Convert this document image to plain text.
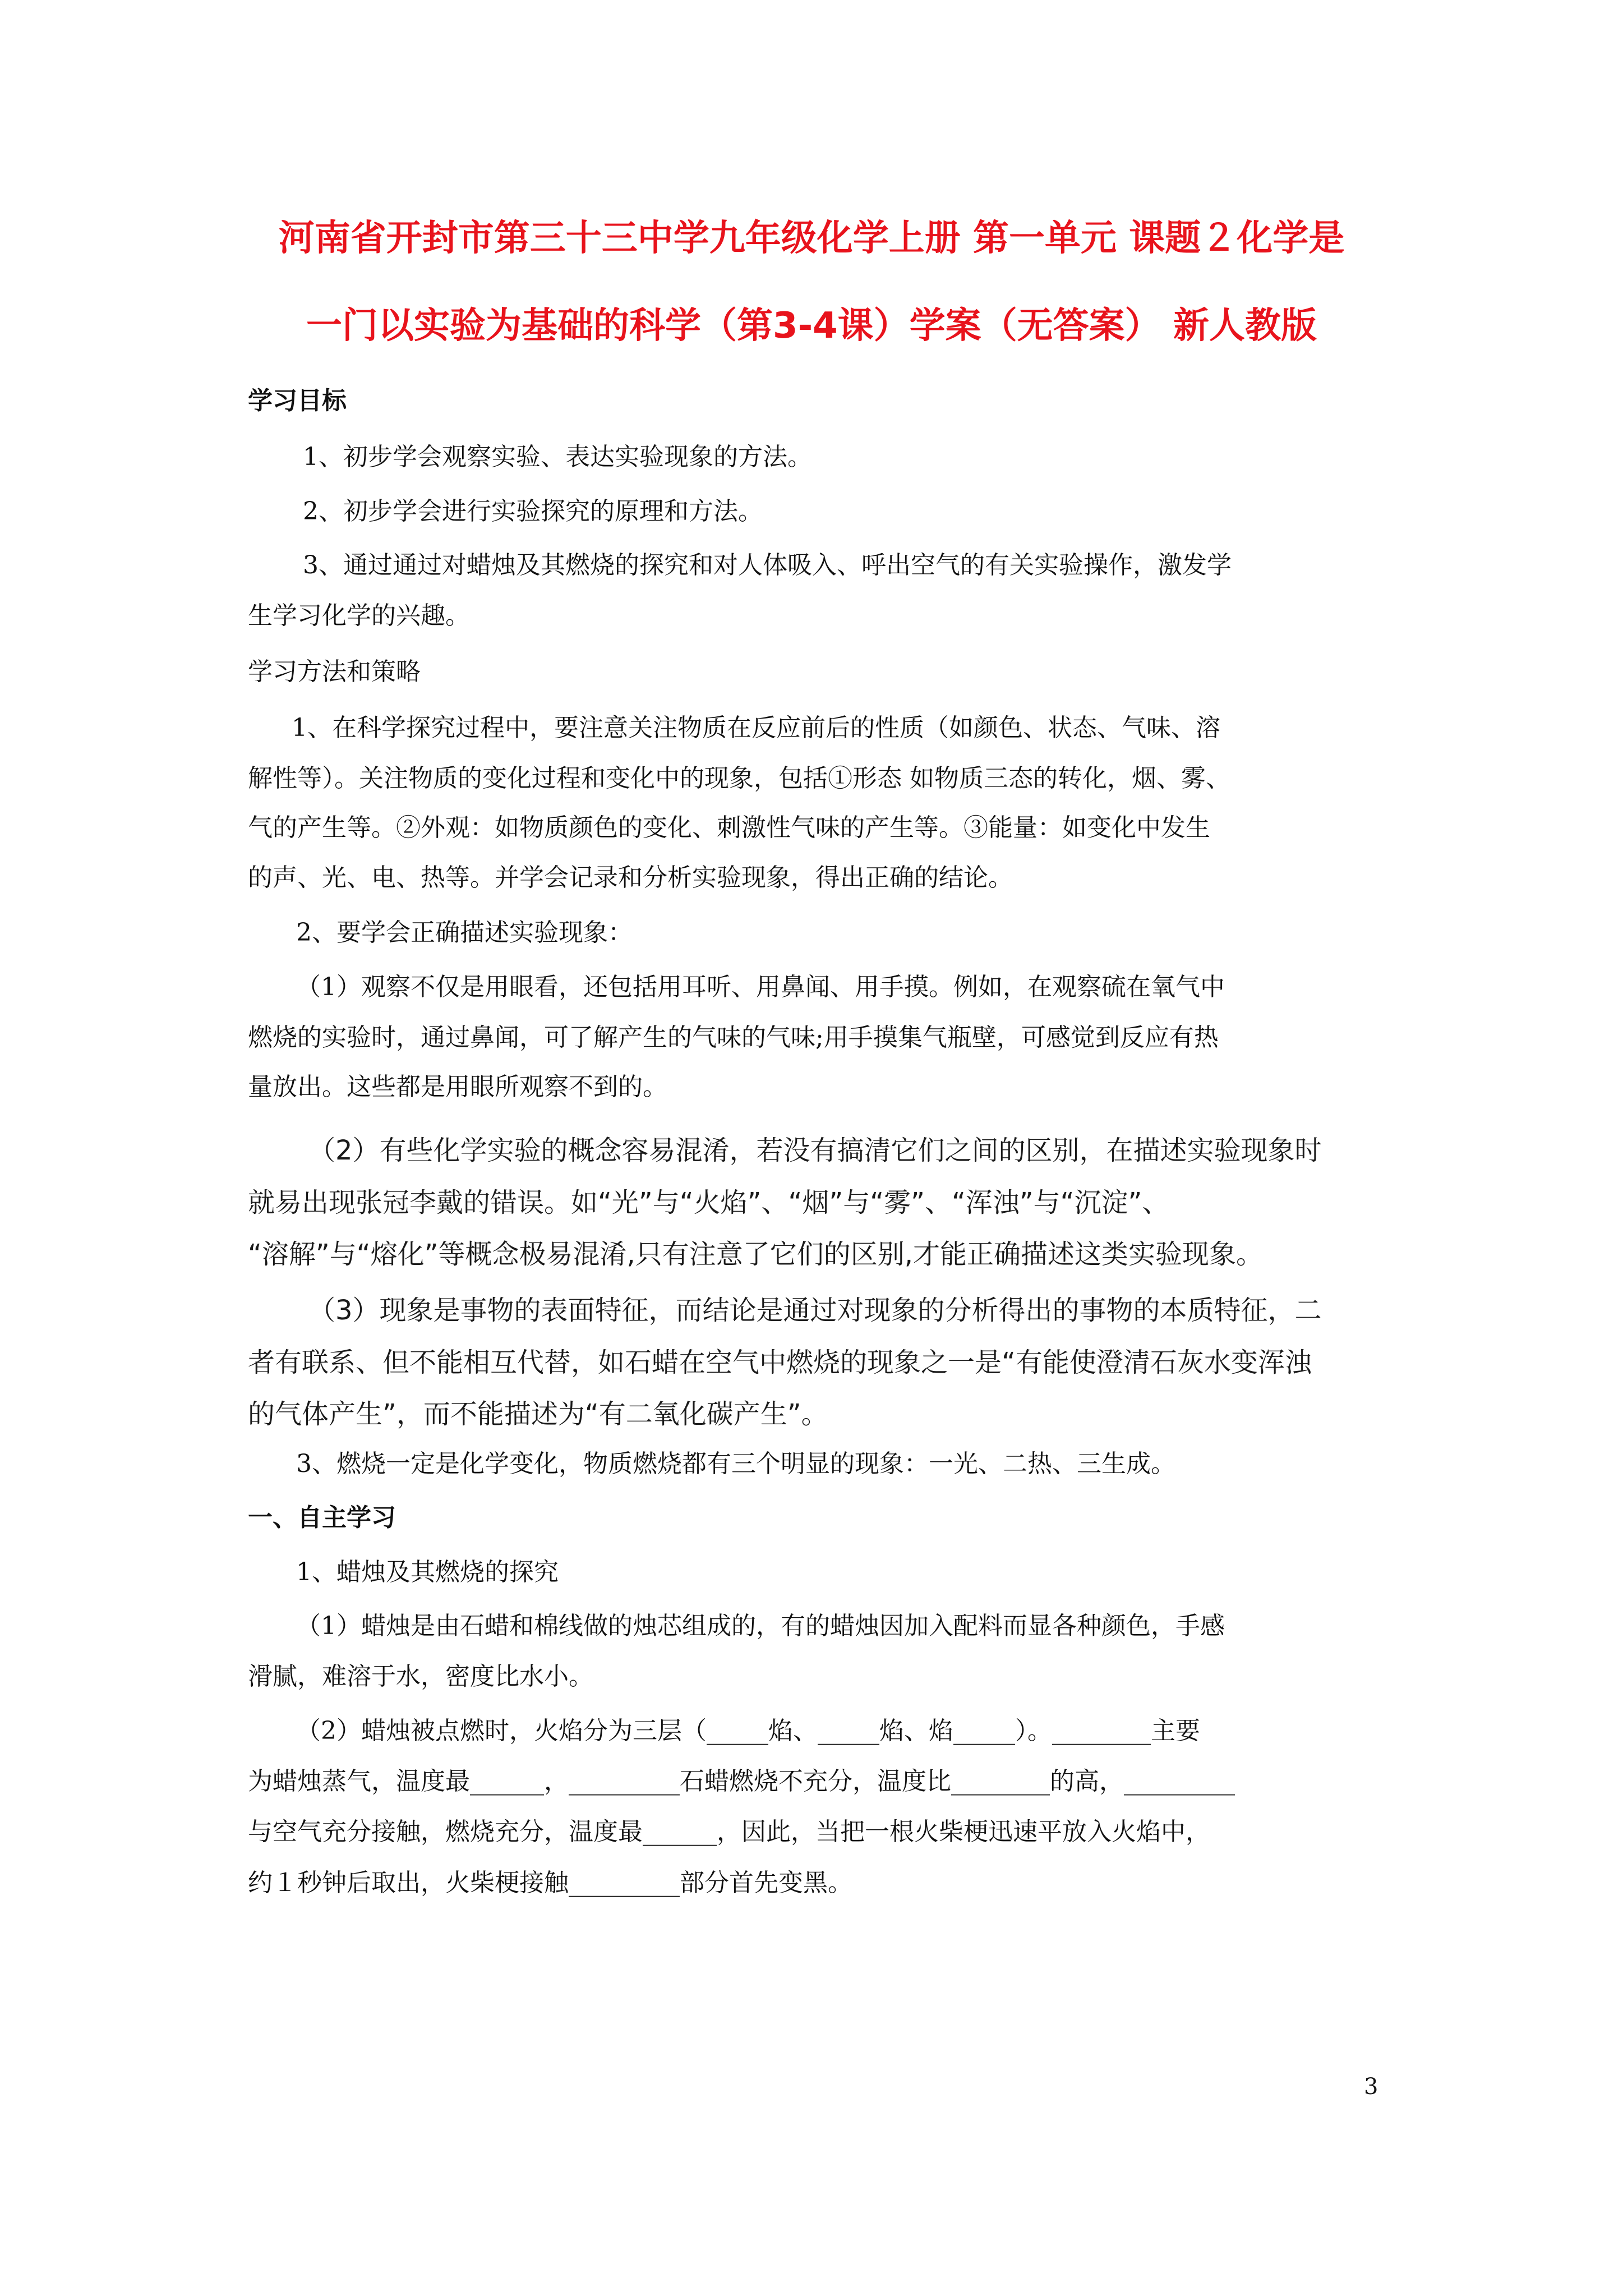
河南省开封市第三十三中学九年级化学上册 第一单元 课题２化学是
一门以实验为基础的科学（第3-4课）学案（无答案） 新人教版
学习目标
1、初步学会观察实验、表达实验现象的方法。
2、初步学会进行实验探究的原理和方法。
3、通过通过对蜡烛及其燃烧的探究和对人体吸入、呼出空气的有关实验操作，激发学
生学习化学的兴趣。
学习方法和策略
1、在科学探究过程中，要注意关注物质在反应前后的性质（如颜色、状态、气味、溶
解性等）。关注物质的变化过程和变化中的现象，包括①形态 如物质三态的转化，烟、雾、
气的产生等。②外观：如物质颜色的变化、刺激性气味的产生等。③能量：如变化中发生
的声、光、电、热等。并学会记录和分析实验现象，得出正确的结论。
2、要学会正确描述实验现象：
（1）观察不仅是用眼看，还包括用耳听、用鼻闻、用手摸。例如，在观察硫在氧气中
燃烧的实验时，通过鼻闻，可了解产生的气味的气味;用手摸集气瓶壁，可感觉到反应有热
量放出。这些都是用眼所观察不到的。
（2）有些化学实验的概念容易混淆，若没有搞清它们之间的区别，在描述实验现象时
就易出现张冠李戴的错误。如“光”与“火焰”、“烟”与“雾”、“浑浊”与“沉淀”、
“溶解”与“熔化”等概念极易混淆,只有注意了它们的区别,才能正确描述这类实验现象。
（3）现象是事物的表面特征，而结论是通过对现象的分析得出的事物的本质特征，二
者有联系、但不能相互代替，如石蜡在空气中燃烧的现象之一是“有能使澄清石灰水变浑浊
的气体产生”，而不能描述为“有二氧化碳产生”。
3、燃烧一定是化学变化，物质燃烧都有三个明显的现象：一光、二热、三生成。
一、自主学习
1、蜡烛及其燃烧的探究
（1）蜡烛是由石蜡和棉线做的烛芯组成的，有的蜡烛因加入配料而显各种颜色，手感
滑腻，难溶于水，密度比水小。
（2）蜡烛被点燃时，火焰分为三层（_____焰、_____焰、焰_____）。________主要
为蜡烛蒸气，温度最______，_________石蜡燃烧不充分，温度比________的高，_________
与空气充分接触，燃烧充分，温度最______，因此，当把一根火柴梗迅速平放入火焰中，
约１秒钟后取出，火柴梗接触_________部分首先变黑。
3
